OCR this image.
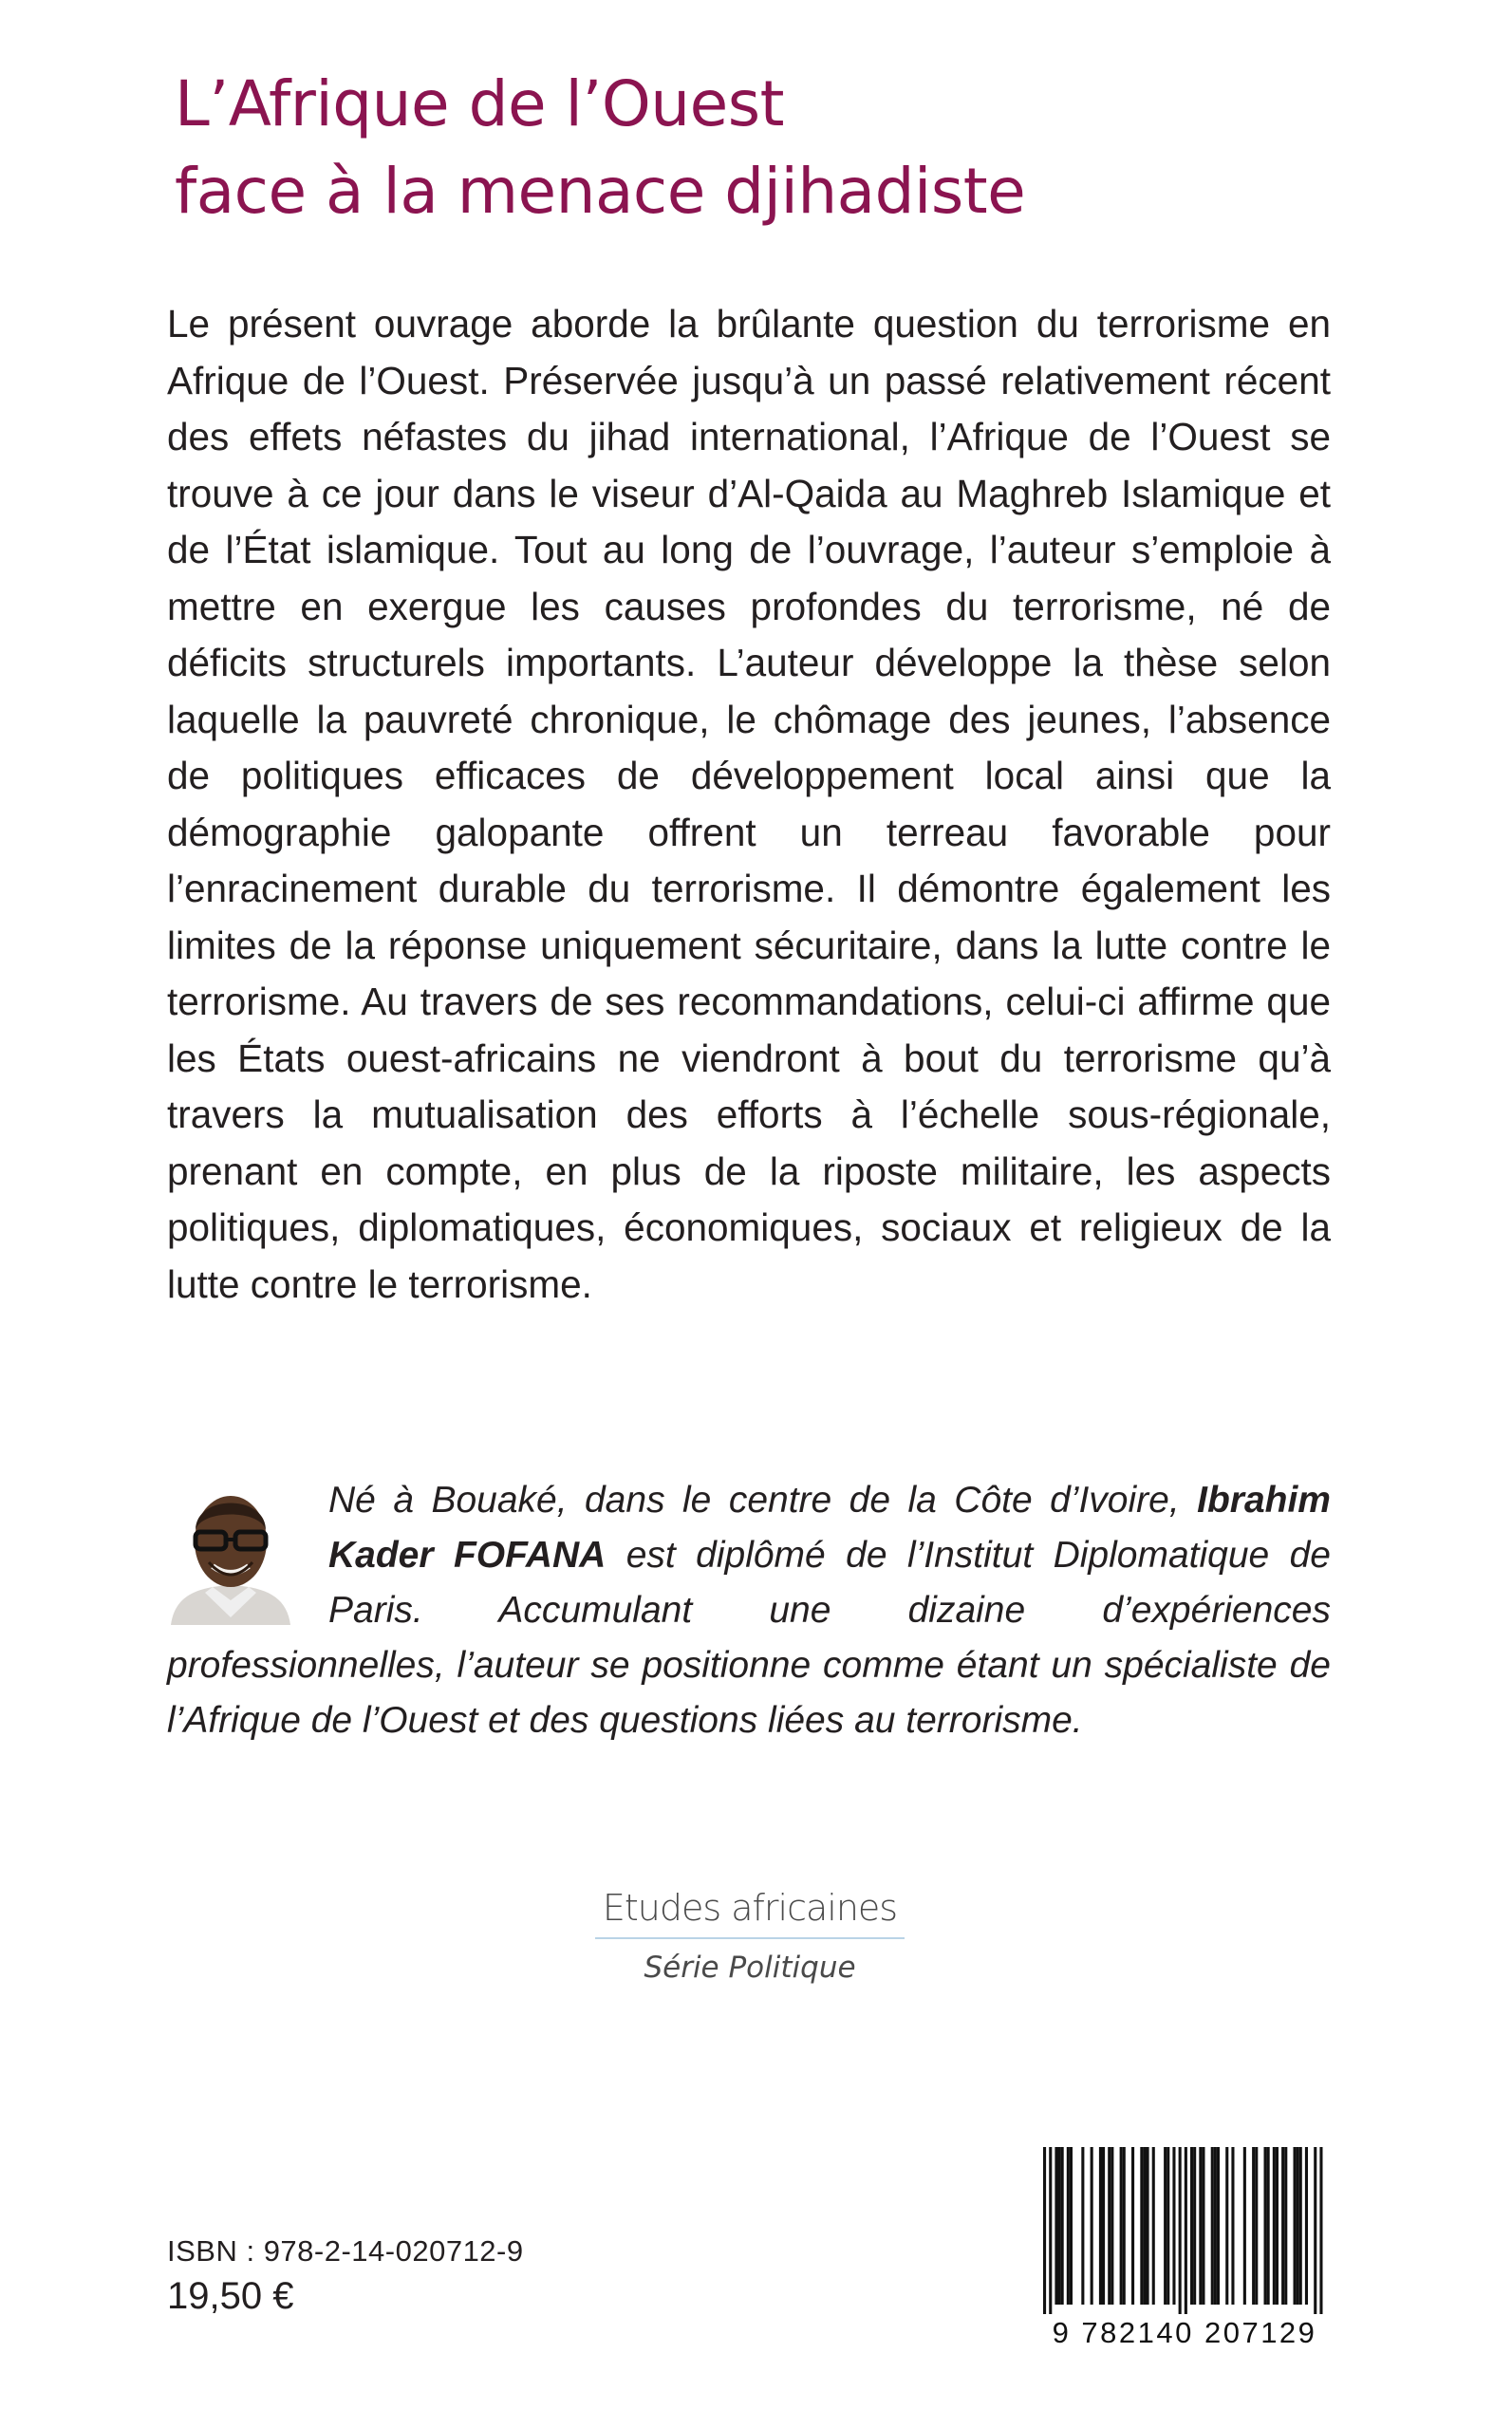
L’Afrique de l’Ouest
face à la menace djihadiste

Le présent ouvrage aborde la brûlante question du terrorisme en Afrique de l’Ouest. Préservée jusqu’à un passé relativement récent des effets néfastes du jihad international, l’Afrique de l’Ouest se trouve à ce jour dans le viseur d’Al-Qaida au Maghreb Islamique et de l’État islamique. Tout au long de l’ouvrage, l’auteur s’emploie à mettre en exergue les causes profondes du terrorisme, né de déficits structurels importants. L’auteur développe la thèse selon laquelle la pauvreté chronique, le chômage des jeunes, l’absence de politiques efficaces de développement local ainsi que la démographie galopante offrent un terreau favorable pour l’enracinement durable du terrorisme. Il démontre également les limites de la réponse uniquement sécuritaire, dans la lutte contre le terrorisme. Au travers de ses recommandations, celui-ci affirme que les États ouest-africains ne viendront à bout du terrorisme qu’à travers la mutualisation des efforts à l’échelle sous-régionale, prenant en compte, en plus de la riposte militaire, les aspects politiques, diplomatiques, économiques, sociaux et religieux de la lutte contre le terrorisme.

Né à Bouaké, dans le centre de la Côte d’Ivoire, Ibrahim Kader FOFANA est diplômé de l’Institut Diplomatique de Paris. Accumulant une dizaine d’expériences professionnelles, l’auteur se positionne comme étant un spécialiste de l’Afrique de l’Ouest et des questions liées au terrorisme.

Etudes africaines
Série Politique
ISBN : 978-2-14-020712-9
19,50 €
9 782140 207129
